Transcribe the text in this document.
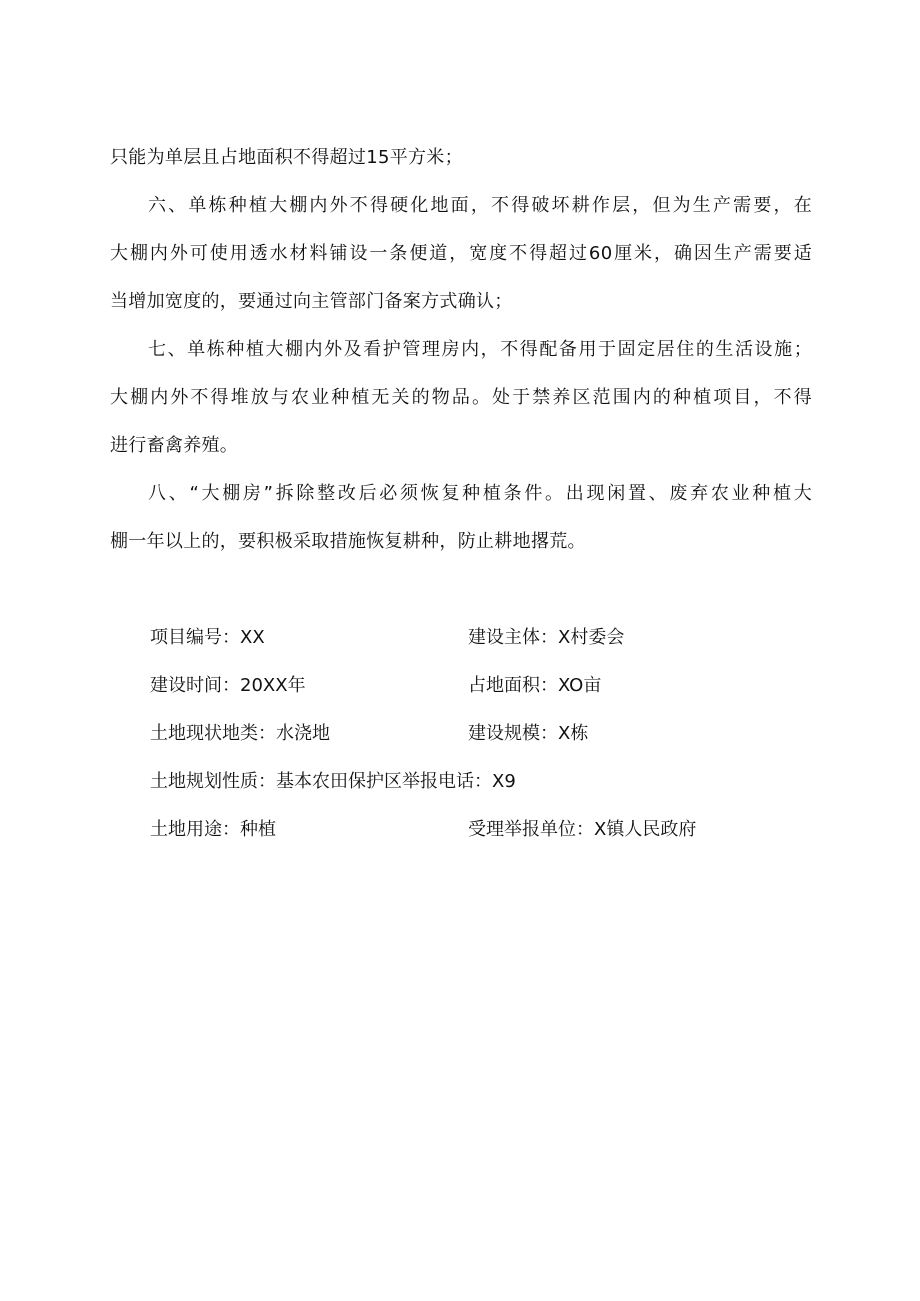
只能为单层且占地面积不得超过15平方米；
六、单栋种植大棚内外不得硬化地面，不得破坏耕作层，但为生产需要，在
大棚内外可使用透水材料铺设一条便道，宽度不得超过60厘米，确因生产需要适
当增加宽度的，要通过向主管部门备案方式确认；
七、单栋种植大棚内外及看护管理房内，不得配备用于固定居住的生活设施；
大棚内外不得堆放与农业种植无关的物品。处于禁养区范围内的种植项目，不得
进行畜禽养殖。
八、“大棚房”拆除整改后必须恢复种植条件。出现闲置、废弃农业种植大
棚一年以上的，要积极采取措施恢复耕种，防止耕地撂荒。
项目编号：XX	建设主体：X村委会
建设时间：20XX年	占地面积：XO亩
土地现状地类：水浇地	建设规模：X栋
土地规划性质：基本农田保护区举报电话：X9
土地用途：种植	受理举报单位：X镇人民政府
